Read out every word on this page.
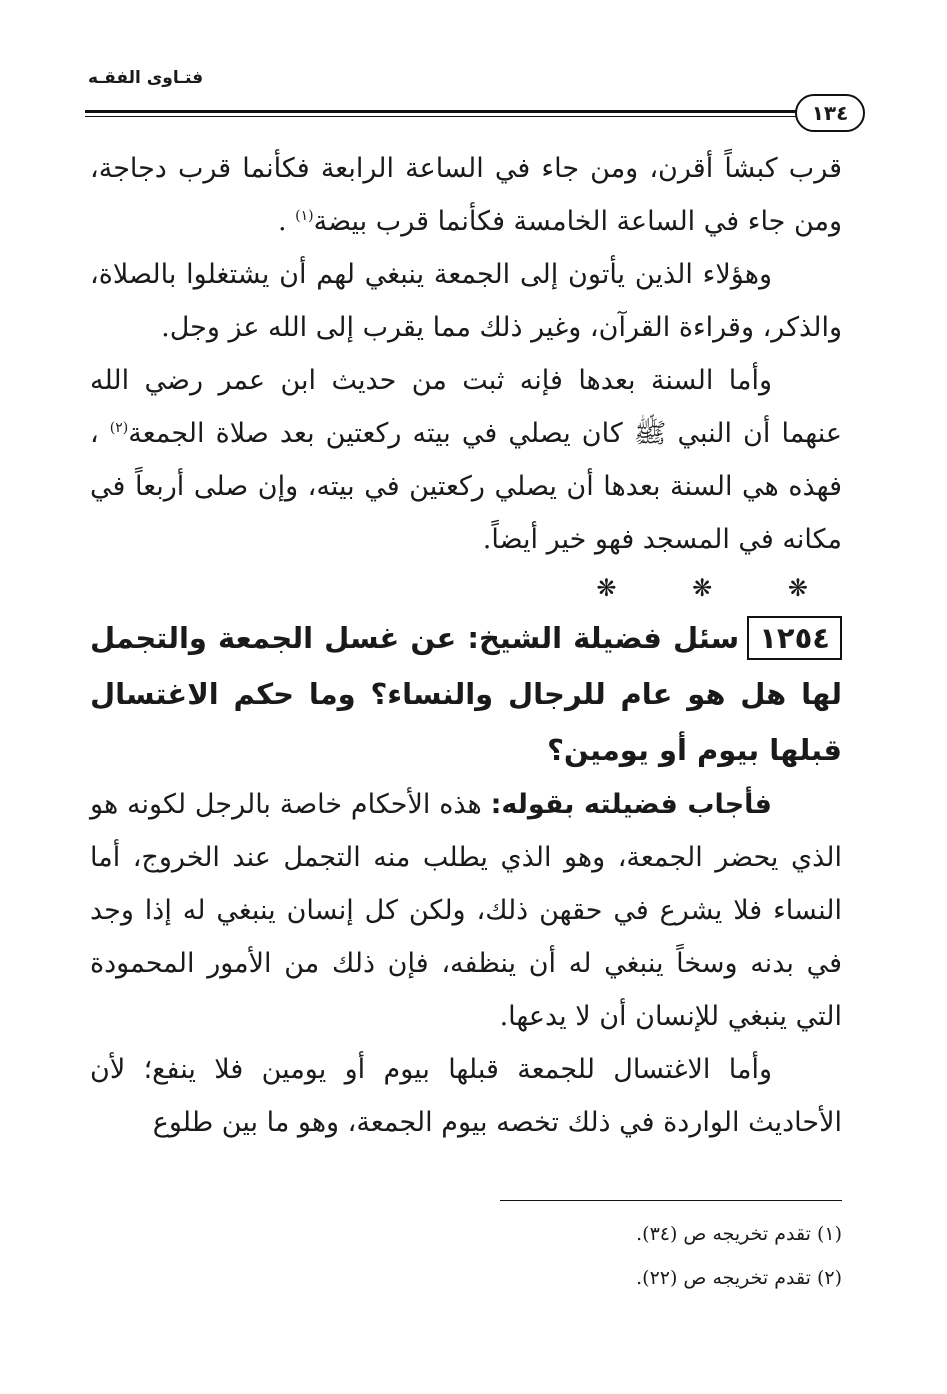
فتـاوى الفقـه
١٣٤

قرب كبشاً أقرن، ومن جاء في الساعة الرابعة فكأنما قرب دجاجة، ومن جاء في الساعة الخامسة فكأنما قرب بيضة$^{(١)}$ .

وهؤلاء الذين يأتون إلى الجمعة ينبغي لهم أن يشتغلوا بالصلاة، والذكر، وقراءة القرآن، وغير ذلك مما يقرب إلى الله عز وجل.

وأما السنة بعدها فإنه ثبت من حديث ابن عمر رضي الله عنهما أن النبي ﷺ كان يصلي في بيته ركعتين بعد صلاة الجمعة$^{(٢)}$ ، فهذه هي السنة بعدها أن يصلي ركعتين في بيته، وإن صلى أربعاً في مكانه في المسجد فهو خير أيضاً.

❋ ❋ ❋

١٢٥٤سئل فضيلة الشيخ: عن غسل الجمعة والتجمل لها هل هو عام للرجال والنساء؟ وما حكم الاغتسال قبلها بيوم أو يومين؟

فأجاب فضيلته بقوله: هذه الأحكام خاصة بالرجل لكونه هو الذي يحضر الجمعة، وهو الذي يطلب منه التجمل عند الخروج، أما النساء فلا يشرع في حقهن ذلك، ولكن كل إنسان ينبغي له إذا وجد في بدنه وسخاً ينبغي له أن ينظفه، فإن ذلك من الأمور المحمودة التي ينبغي للإنسان أن لا يدعها.

وأما الاغتسال للجمعة قبلها بيوم أو يومين فلا ينفع؛ لأن الأحاديث الواردة في ذلك تخصه بيوم الجمعة، وهو ما بين طلوع

(١) تقدم تخريجه ص (٣٤).
(٢) تقدم تخريجه ص (٢٢).
